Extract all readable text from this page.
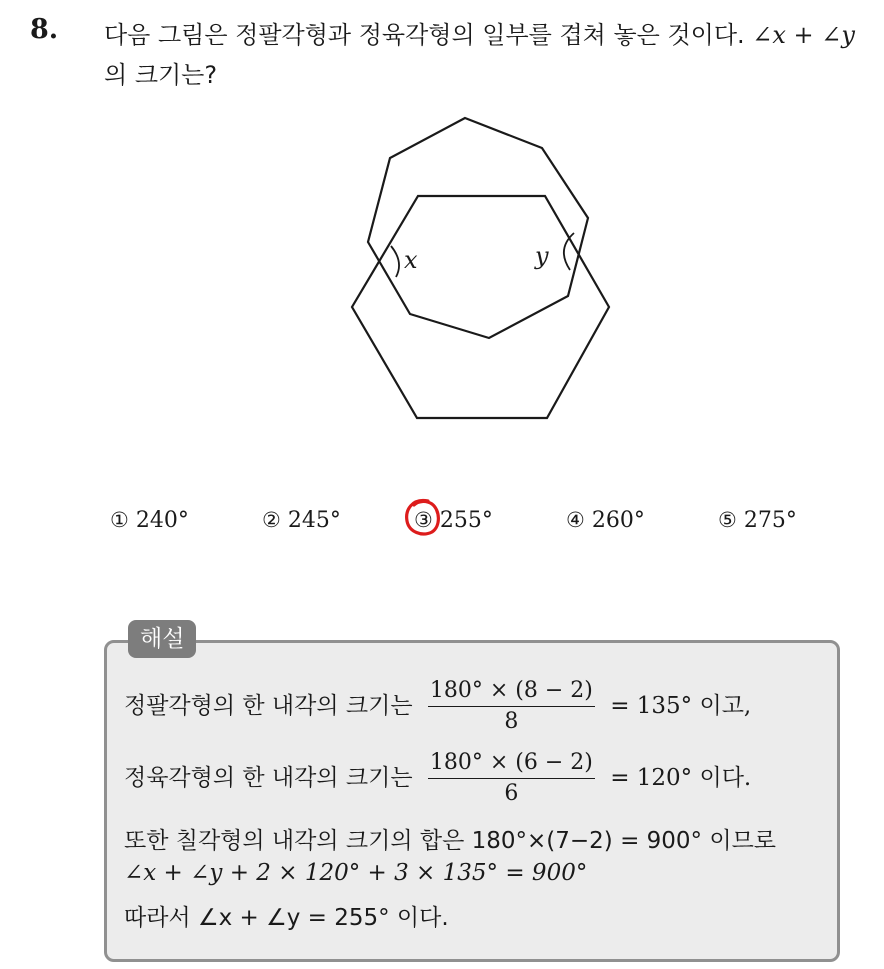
8. 다음 그림은 정팔각형과 정육각형의 일부를 겹쳐 놓은 것이다. ∠x + ∠y
의 크기는?
x	y
① 240°	② 245°	③ 255°	④ 260°	⑤ 275°
해설
정팔각형의 한 내각의 크기는 $\frac{180^\circ \times (8 - 2)}{8} = 135^\circ$ 이고,
정육각형의 한 내각의 크기는 $\frac{180^\circ \times (6 - 2)}{6} = 120^\circ$ 이다.
또한 칠각형의 내각의 크기의 합은 180°×(7−2) = 900° 이므로
∠x + ∠y + 2 × 120° + 3 × 135° = 900°
따라서 ∠x + ∠y = 255° 이다.
